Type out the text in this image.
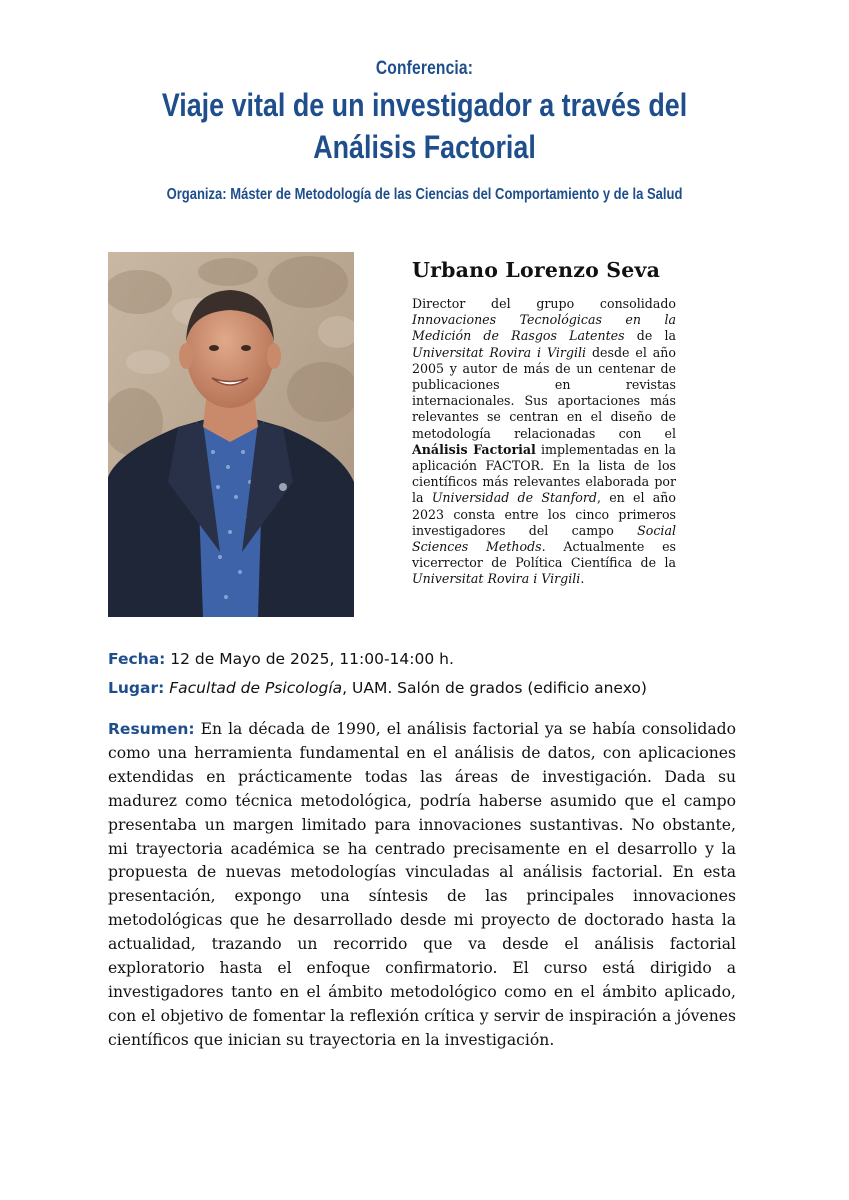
Conferencia:
Viaje vital de un investigador a través del
Análisis Factorial
Organiza: Máster de Metodología de las Ciencias del Comportamiento y de la Salud
Urbano Lorenzo Seva
Director del grupo consolidado Innovaciones Tecnológicas en la Medición de Rasgos Latentes de la Universitat Rovira i Virgili desde el año 2005 y autor de más de un centenar de publicaciones en revistas internacionales. Sus aportaciones más relevantes se centran en el diseño de metodología relacionadas con el Análisis Factorial implementadas en la aplicación FACTOR. En la lista de los científicos más relevantes elaborada por la Universidad de Stanford, en el año 2023 consta entre los cinco primeros investigadores del campo Social Sciences Methods. Actualmente es vicerrector de Política Científica de la Universitat Rovira i Virgili.
Fecha: 12 de Mayo de 2025, 11:00-14:00 h.
Lugar: Facultad de Psicología, UAM. Salón de grados (edificio anexo)
Resumen: En la década de 1990, el análisis factorial ya se había consolidado como una herramienta fundamental en el análisis de datos, con aplicaciones extendidas en prácticamente todas las áreas de investigación. Dada su madurez como técnica metodológica, podría haberse asumido que el campo presentaba un margen limitado para innovaciones sustantivas. No obstante, mi trayectoria académica se ha centrado precisamente en el desarrollo y la propuesta de nuevas metodologías vinculadas al análisis factorial. En esta presentación, expongo una síntesis de las principales innovaciones metodológicas que he desarrollado desde mi proyecto de doctorado hasta la actualidad, trazando un recorrido que va desde el análisis factorial exploratorio hasta el enfoque confirmatorio. El curso está dirigido a investigadores tanto en el ámbito metodológico como en el ámbito aplicado, con el objetivo de fomentar la reflexión crítica y servir de inspiración a jóvenes científicos que inician su trayectoria en la investigación.
